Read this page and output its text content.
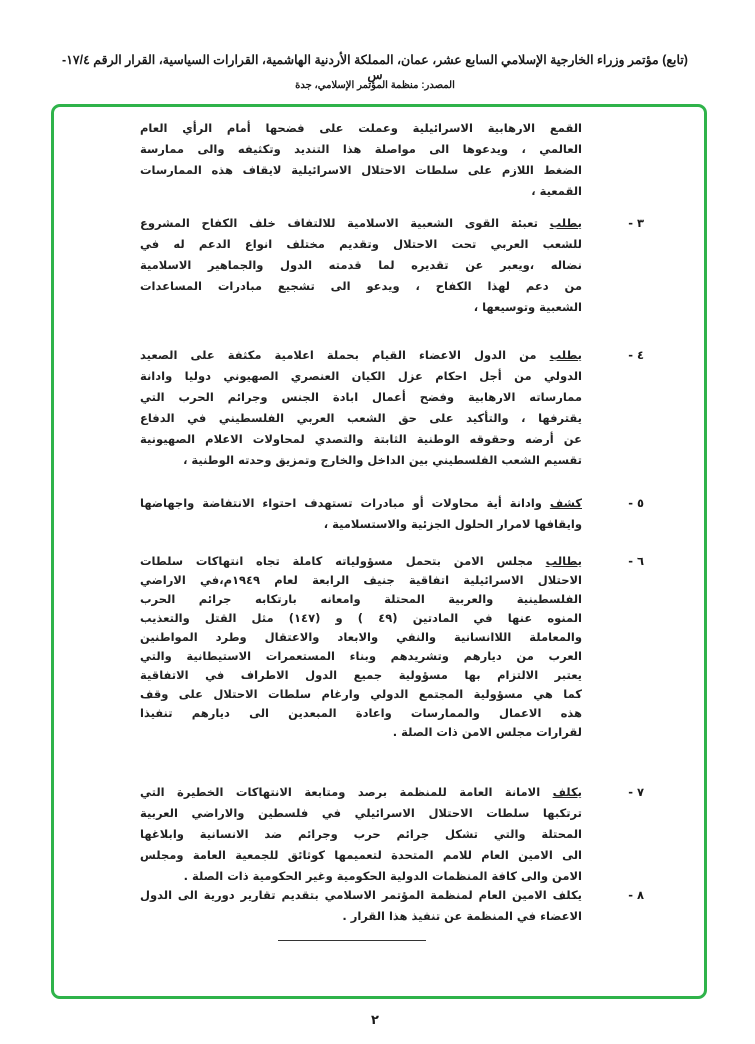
(تابع) مؤتمر وزراء الخارجية الإسلامي السابع عشر، عمان، المملكة الأردنية الهاشمية، القرارات السياسية، القرار الرقم ١٧/٤-س
المصدر: منظمة المؤتمر الإسلامي، جدة
القمع الارهابية الاسرائيلية وعملت على فضحها أمام الرأي العام
العالمي ، ويدعوها الى مواصلة هذا التنديد وتكثيفه والى ممارسة
الضغط اللازم على سلطات الاحتلال الاسرائيلية لايقاف هذه الممارسات
القمعية ،
يطلب تعبئة القوى الشعبية الاسلامية للالتفاف خلف الكفاح المشروع
للشعب العربي تحت الاحتلال وتقديم مختلف انواع الدعم له في
نضاله ،ويعبر عن تقديره لما قدمته الدول والجماهير الاسلامية
من دعم لهذا الكفاح ، ويدعو الى تشجيع مبادرات المساعدات
الشعبية وتوسيعها ،
٣ -
يطلب من الدول الاعضاء القيام بحملة اعلامية مكثفة على الصعيد
الدولي من أجل احكام عزل الكيان العنصري الصهيوني دوليا وادانة
ممارساته الارهابية وفضح أعمال ابادة الجنس وجرائم الحرب التي
يقترفها ، والتأكيد على حق الشعب العربي الفلسطيني في الدفاع
عن أرضه وحقوقه الوطنية الثابتة والتصدي لمحاولات الاعلام الصهيونية
تقسيم الشعب الفلسطيني بين الداخل والخارج وتمزيق وحدته الوطنية ،
٤ -
كشف وادانة أية محاولات أو مبادرات تستهدف احتواء الانتفاضة واجهاضها
وايقافها لامرار الحلول الجزئية والاستسلامية ،
٥ -
يطالب مجلس الامن بتحمل مسؤولياته كاملة تجاه انتهاكات سلطات
الاحتلال الاسرائيلية اتفاقية جنيف الرابعة لعام ١٩٤٩م،في الاراضي
الفلسطينية والعربية المحتلة وامعانه بارتكابه جرائم الحرب
المنوه عنها في المادتين (٤٩ ) و (١٤٧) مثل القتل والتعذيب
والمعاملة اللاانسانية والنفي والابعاد والاعتقال وطرد المواطنين
العرب من ديارهم وتشريدهم وبناء المستعمرات الاستيطانية والتي
يعتبر الالتزام بها مسؤولية جميع الدول الاطراف في الاتفاقية
كما هي مسؤولية المجتمع الدولي وارغام سلطات الاحتلال على وقف
هذه الاعمال والممارسات واعادة المبعدين الى ديارهم تنفيذا
لقرارات مجلس الامن ذات الصلة .
٦ -
يكلف الامانة العامة للمنظمة برصد ومتابعة الانتهاكات الخطيرة التي
ترتكبها سلطات الاحتلال الاسرائيلي في فلسطين والاراضي العربية
المحتلة والتي تشكل جرائم حرب وجرائم ضد الانسانية وابلاغها
الى الامين العام للامم المتحدة لتعميمها كوثائق للجمعية العامة ومجلس
الامن والى كافة المنظمات الدولية الحكومية وغير الحكومية ذات الصلة .
٧ -
يكلف الامين العام لمنظمة المؤتمر الاسلامي بتقديم تقارير دورية الى الدول
الاعضاء في المنظمة عن تنفيذ هذا القرار .
٨ -
٢
